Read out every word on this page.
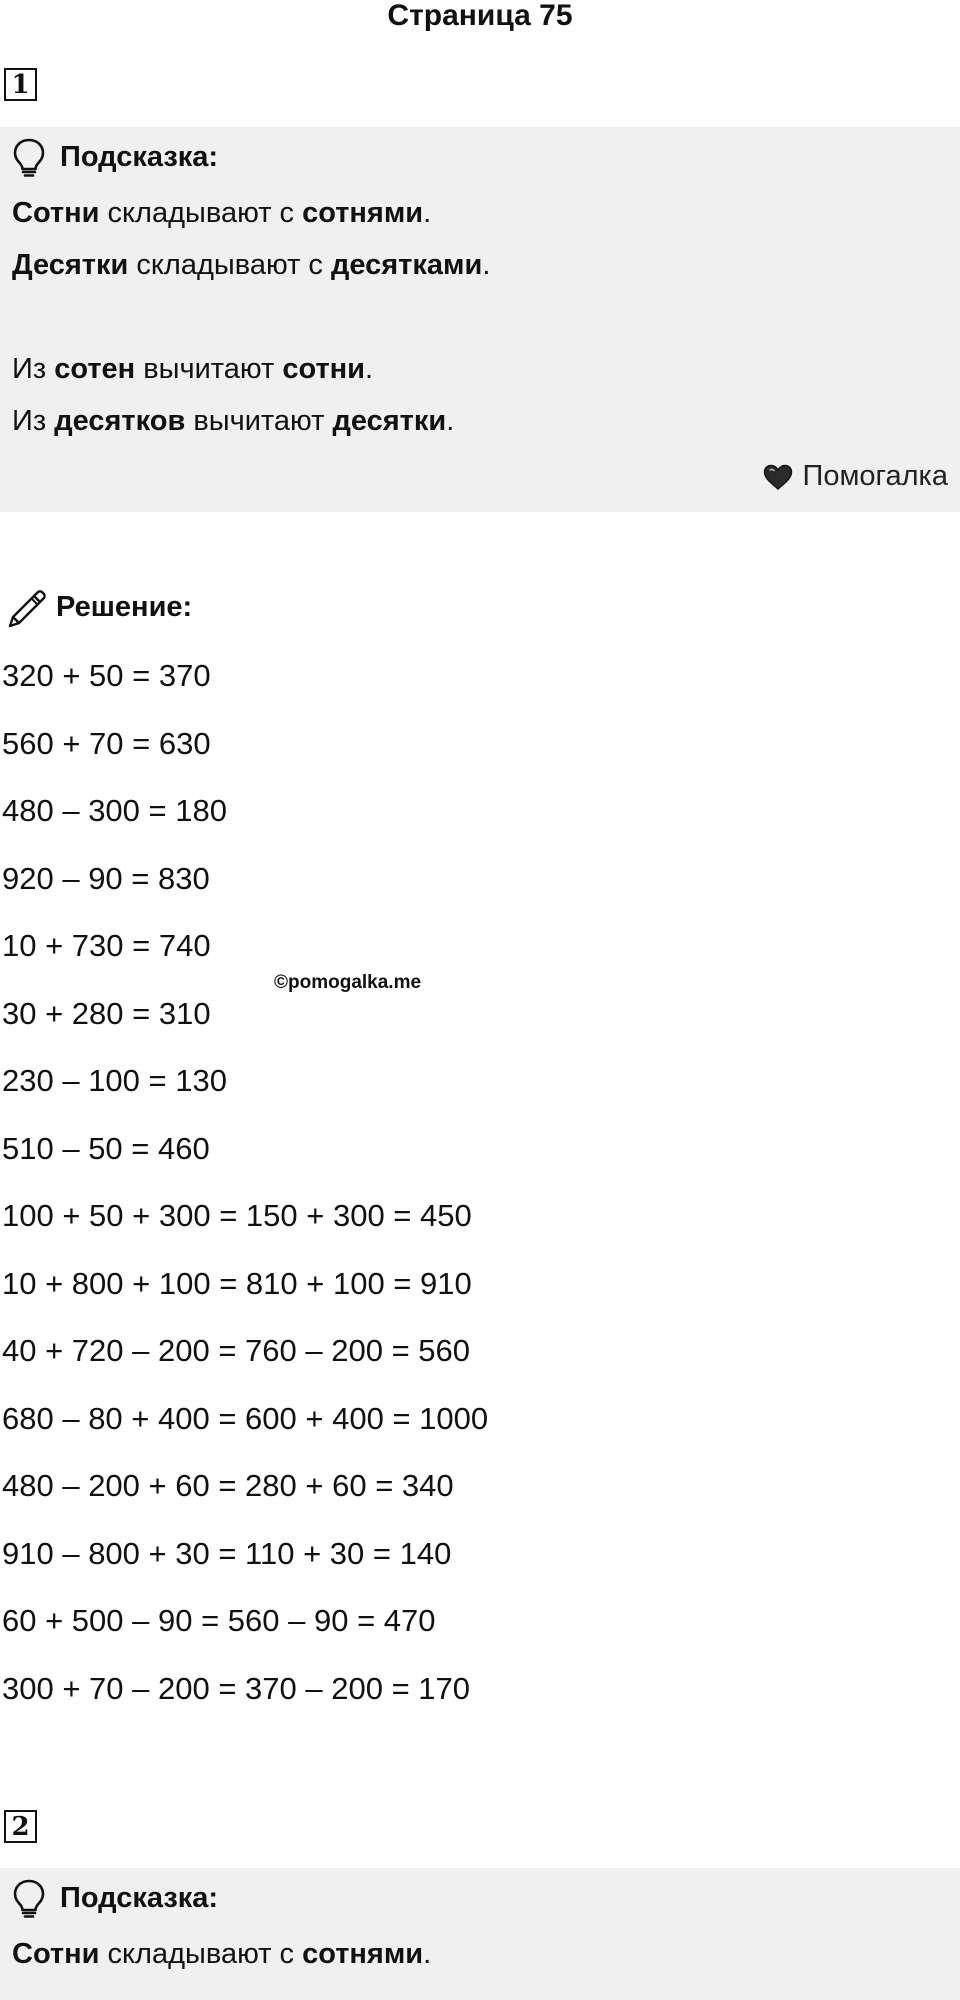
Страница 75
1
Подсказка:
Сотни складывают с сотнями.
Десятки складывают с десятками.
Из сотен вычитают сотни.
Из десятков вычитают десятки.
Помогалка
Решение:
320 + 50 = 370
560 + 70 = 630
480 – 300 = 180
920 – 90 = 830
10 + 730 = 740
30 + 280 = 310
230 – 100 = 130
510 – 50 = 460
100 + 50 + 300 = 150 + 300 = 450
10 + 800 + 100 = 810 + 100 = 910
40 + 720 – 200 = 760 – 200 = 560
680 – 80 + 400 = 600 + 400 = 1000
480 – 200 + 60 = 280 + 60 = 340
910 – 800 + 30 = 110 + 30 = 140
60 + 500 – 90 = 560 – 90 = 470
300 + 70 – 200 = 370 – 200 = 170
©pomogalka.me
2
Подсказка:
Сотни складывают с сотнями.
